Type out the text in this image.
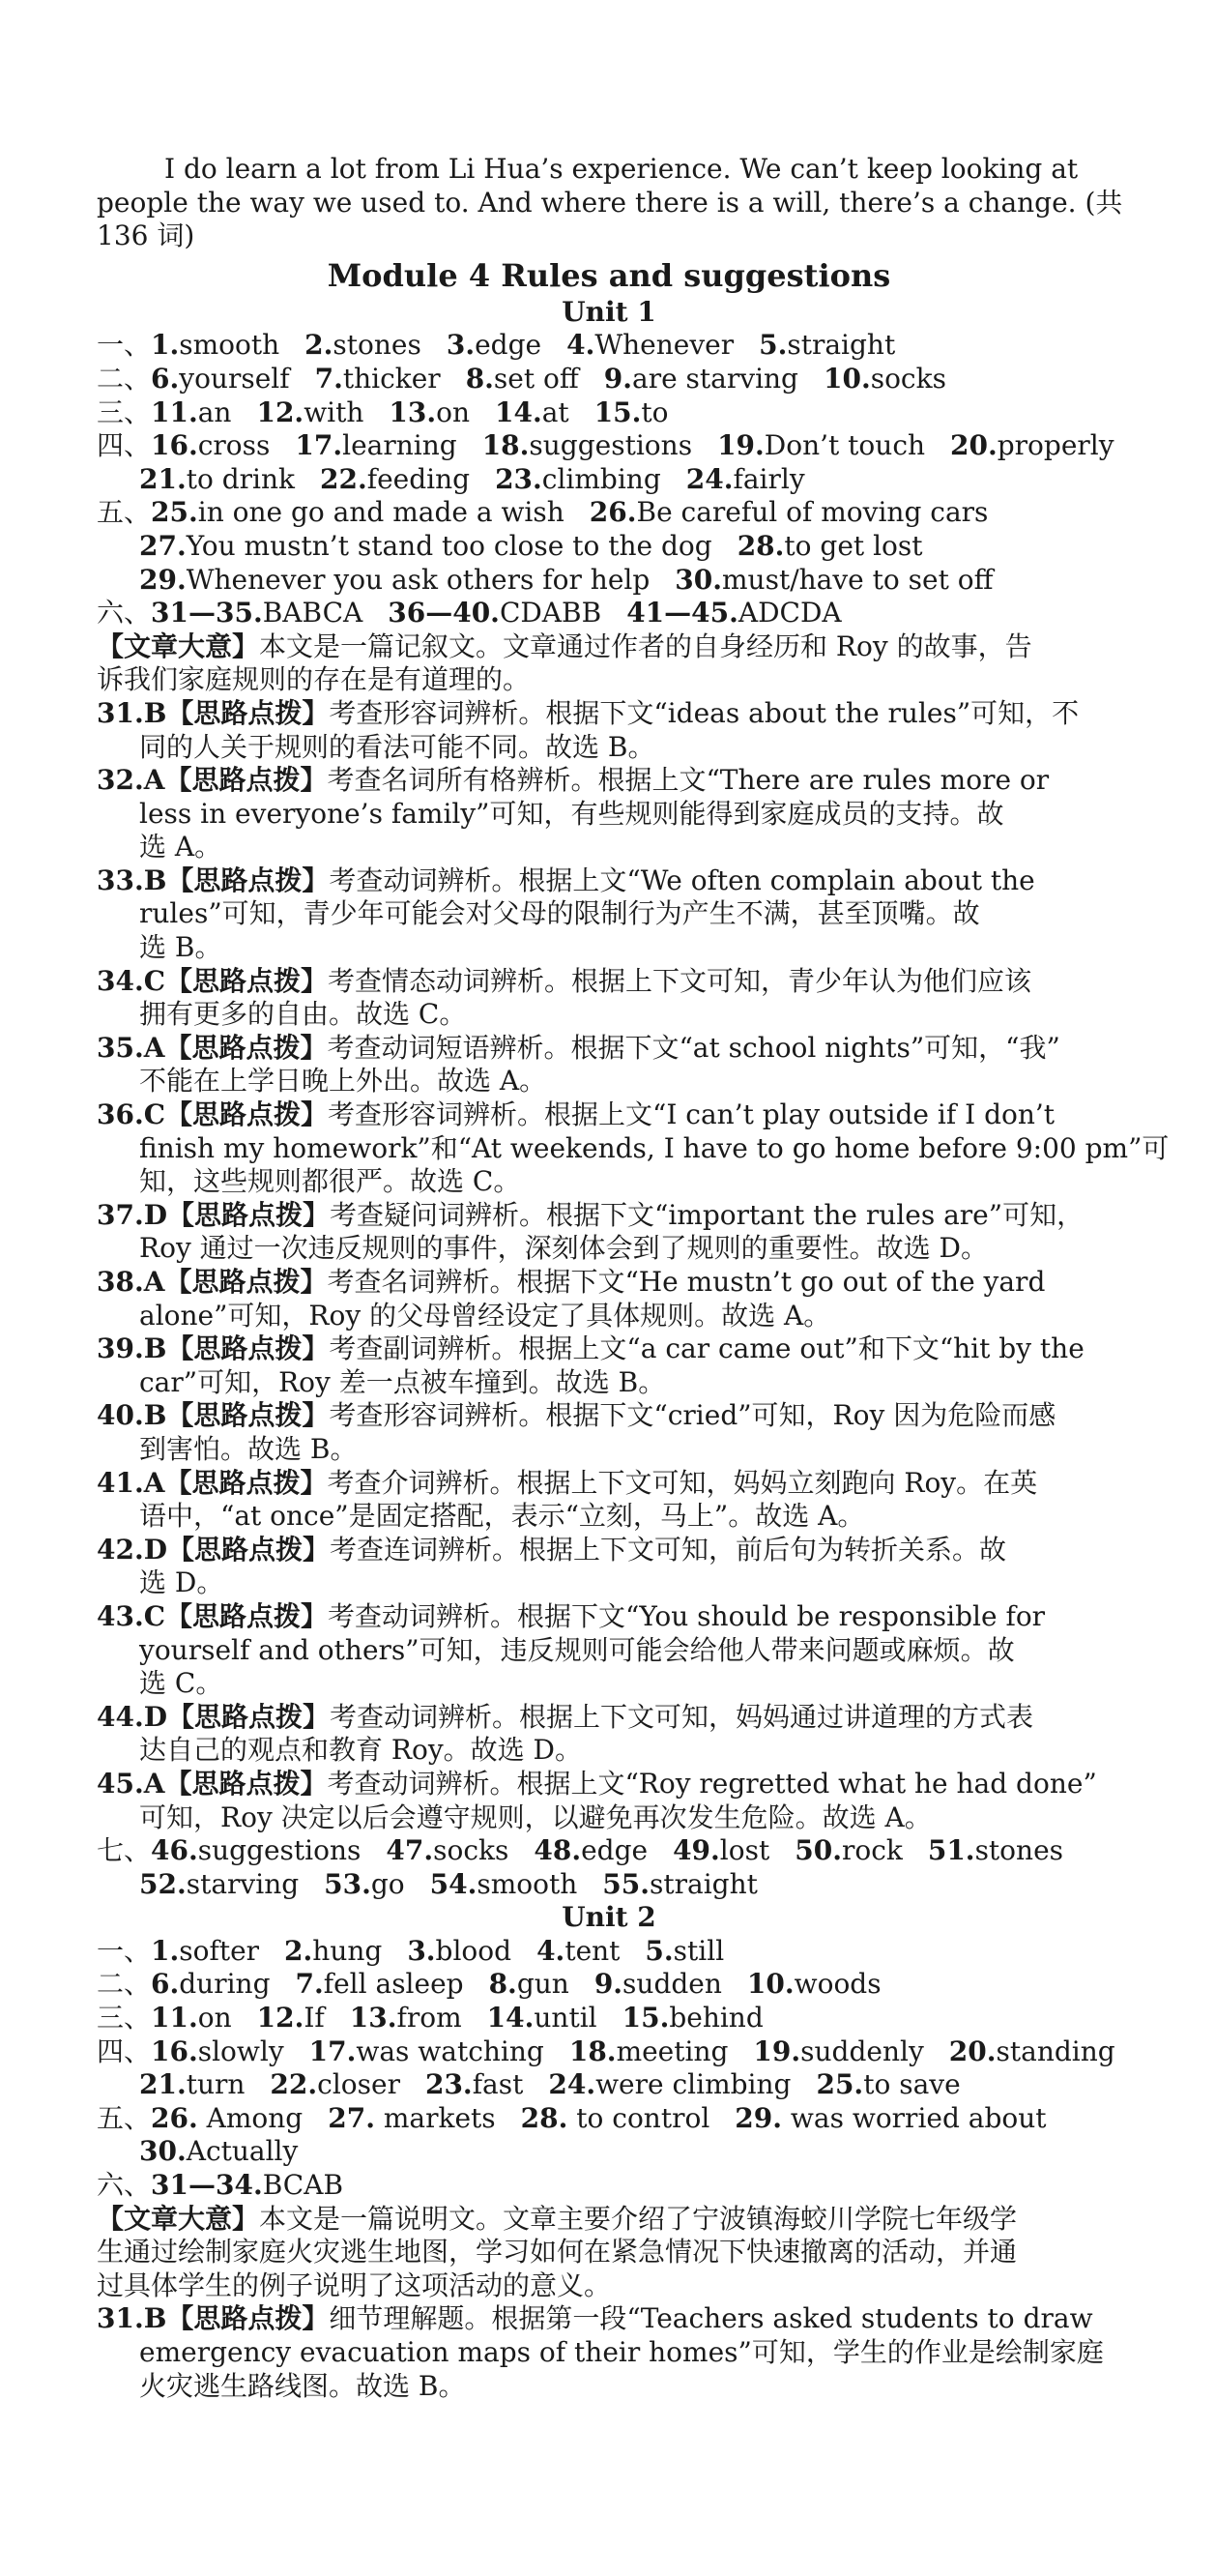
I do learn a lot from Li Hua’s experience. We can’t keep looking at

people the way we used to. And where there is a will, there’s a change. (共

136 词)

Module 4 Rules and suggestions

Unit 1

一、1.smooth 2.stones 3.edge 4.Whenever 5.straight

二、6.yourself 7.thicker 8.set off 9.are starving 10.socks

三、11.an 12.with 13.on 14.at 15.to

四、16.cross 17.learning 18.suggestions 19.Don’t touch 20.properly

21.to drink 22.feeding 23.climbing 24.fairly

五、25.in one go and made a wish 26.Be careful of moving cars

27.You mustn’t stand too close to the dog 28.to get lost

29.Whenever you ask others for help 30.must/have to set off

六、31—35.BABCA 36—40.CDABB 41—45.ADCDA

【文章大意】本文是一篇记叙文。文章通过作者的自身经历和 Roy 的故事，告

诉我们家庭规则的存在是有道理的。

31.B【思路点拨】考查形容词辨析。根据下文“ideas about the rules”可知，不

同的人关于规则的看法可能不同。故选 B。

32.A【思路点拨】考查名词所有格辨析。根据上文“There are rules more or

less in everyone’s family”可知，有些规则能得到家庭成员的支持。故

选 A。

33.B【思路点拨】考查动词辨析。根据上文“We often complain about the

rules”可知，青少年可能会对父母的限制行为产生不满，甚至顶嘴。故

选 B。

34.C【思路点拨】考查情态动词辨析。根据上下文可知，青少年认为他们应该

拥有更多的自由。故选 C。

35.A【思路点拨】考查动词短语辨析。根据下文“at school nights”可知，“我”

不能在上学日晚上外出。故选 A。

36.C【思路点拨】考查形容词辨析。根据上文“I can’t play outside if I don’t

finish my homework”和“At weekends, I have to go home before 9:00 pm”可

知，这些规则都很严。故选 C。

37.D【思路点拨】考查疑问词辨析。根据下文“important the rules are”可知，

Roy 通过一次违反规则的事件，深刻体会到了规则的重要性。故选 D。

38.A【思路点拨】考查名词辨析。根据下文“He mustn’t go out of the yard

alone”可知，Roy 的父母曾经设定了具体规则。故选 A。

39.B【思路点拨】考查副词辨析。根据上文“a car came out”和下文“hit by the

car”可知，Roy 差一点被车撞到。故选 B。

40.B【思路点拨】考查形容词辨析。根据下文“cried”可知，Roy 因为危险而感

到害怕。故选 B。

41.A【思路点拨】考查介词辨析。根据上下文可知，妈妈立刻跑向 Roy。在英

语中，“at once”是固定搭配，表示“立刻，马上”。故选 A。

42.D【思路点拨】考查连词辨析。根据上下文可知，前后句为转折关系。故

选 D。

43.C【思路点拨】考查动词辨析。根据下文“You should be responsible for

yourself and others”可知，违反规则可能会给他人带来问题或麻烦。故

选 C。

44.D【思路点拨】考查动词辨析。根据上下文可知，妈妈通过讲道理的方式表

达自己的观点和教育 Roy。故选 D。

45.A【思路点拨】考查动词辨析。根据上文“Roy regretted what he had done”

可知，Roy 决定以后会遵守规则，以避免再次发生危险。故选 A。

七、46.suggestions 47.socks 48.edge 49.lost 50.rock 51.stones

52.starving 53.go 54.smooth 55.straight

Unit 2

一、1.softer 2.hung 3.blood 4.tent 5.still

二、6.during 7.fell asleep 8.gun 9.sudden 10.woods

三、11.on 12.If 13.from 14.until 15.behind

四、16.slowly 17.was watching 18.meeting 19.suddenly 20.standing

21.turn 22.closer 23.fast 24.were climbing 25.to save

五、26. Among 27. markets 28. to control 29. was worried about

30.Actually

六、31—34.BCAB

【文章大意】本文是一篇说明文。文章主要介绍了宁波镇海蛟川学院七年级学

生通过绘制家庭火灾逃生地图，学习如何在紧急情况下快速撤离的活动，并通

过具体学生的例子说明了这项活动的意义。

31.B【思路点拨】细节理解题。根据第一段“Teachers asked students to draw

emergency evacuation maps of their homes”可知，学生的作业是绘制家庭

火灾逃生路线图。故选 B。
